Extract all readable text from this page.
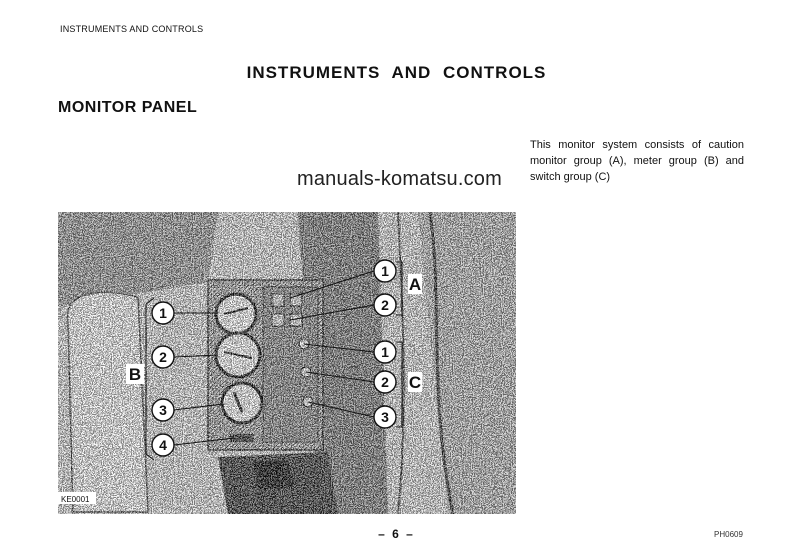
INSTRUMENTS AND CONTROLS
INSTRUMENTS AND CONTROLS
MONITOR PANEL
This monitor system consists of caution monitor group (A), meter group (B) and switch group (C)
1
2
3
4
1
2
1
2
3
B
A
C
KE0001
manuals-komatsu.com
– 6 –	PH0609
